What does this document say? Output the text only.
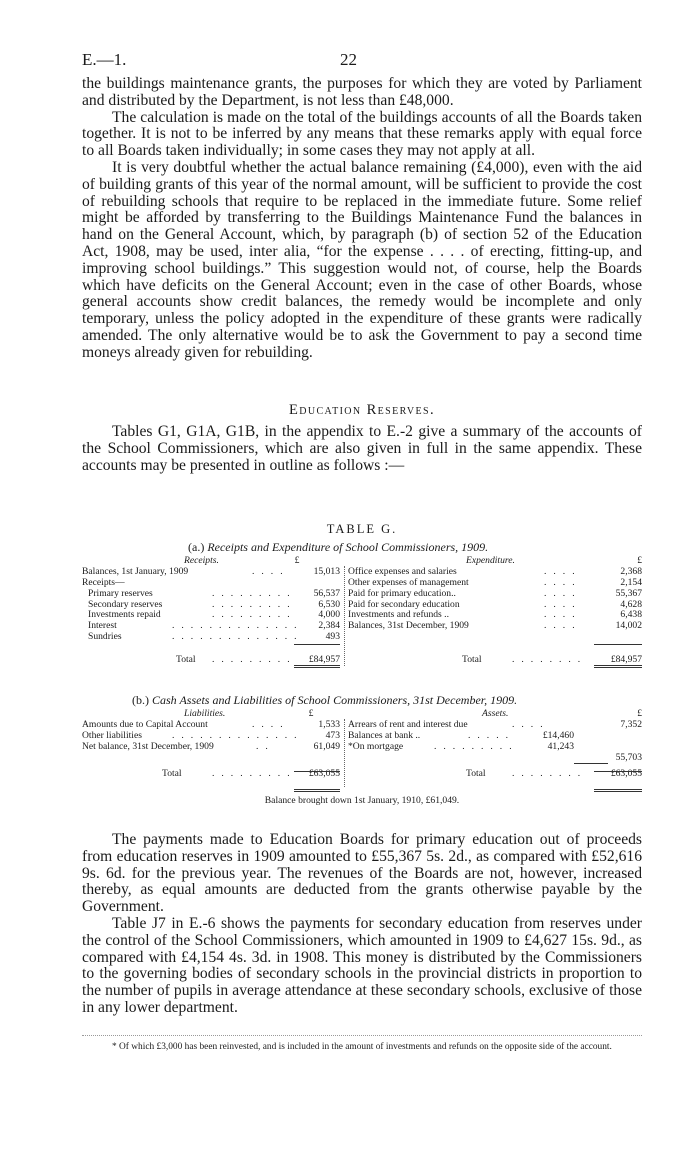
E.—1.	22

the buildings maintenance grants, the purposes for which they are voted by Parliament and distributed by the Department, is not less than £48,000.

The calculation is made on the total of the buildings accounts of all the Boards taken together. It is not to be inferred by any means that these remarks apply with equal force to all Boards taken individually; in some cases they may not apply at all.

It is very doubtful whether the actual balance remaining (£4,000), even with the aid of building grants of this year of the normal amount, will be sufficient to provide the cost of rebuilding schools that require to be replaced in the immediate future. Some relief might be afforded by transferring to the Buildings Maintenance Fund the balances in hand on the General Account, which, by paragraph (b) of section 52 of the Education Act, 1908, may be used, inter alia, “for the expense . . . . of erecting, fitting-up, and improving school buildings.” This suggestion would not, of course, help the Boards which have deficits on the General Account; even in the case of other Boards, whose general accounts show credit balances, the remedy would be incomplete and only temporary, unless the policy adopted in the expenditure of these grants were radically amended. The only alternative would be to ask the Government to pay a second time moneys already given for rebuilding.

Education Reserves.

Tables G1, G1A, G1B, in the appendix to E.-2 give a summary of the accounts of the School Commissioners, which are also given in full in the same appendix. These accounts may be presented in outline as follows :—

TABLE G.
(a.) Receipts and Expenditure of School Commissioners, 1909.
Receipts.	£
Balances, 1st January, 1909	....	15,013
Receipts—
Primary reserves	.........	56,537
Secondary reserves	.........	6,530
Investments repaid	.........	4,000
Interest	..............	2,384
Sundries	..............	493
Total .........	£84,957
Expenditure.	£
Office expenses and salaries	....	2,368
Other expenses of management	....	2,154
Paid for primary education..	....	55,367
Paid for secondary education	....	4,628
Investments and refunds ..	....	6,438
Balances, 31st December, 1909	....	14,002
Total	........	£84,957
(b.) Cash Assets and Liabilities of School Commissioners, 31st December, 1909.
Liabilities.	£
Amounts due to Capital Account	....	1,533
Other liabilities	..............	473
Net balance, 31st December, 1909	..	61,049
Total	.........	£63,055
Assets.	£
Arrears of rent and interest due	....	7,352
Balances at bank ..	.....	£14,460
*On mortgage	.........	41,243
55,703
Total	........	£63,055
Balance brought down 1st January, 1910, £61,049.

The payments made to Education Boards for primary education out of proceeds from education reserves in 1909 amounted to £55,367 5s. 2d., as compared with £52,616 9s. 6d. for the previous year. The revenues of the Boards are not, however, increased thereby, as equal amounts are deducted from the grants otherwise payable by the Government.

Table J7 in E.-6 shows the payments for secondary education from reserves under the control of the School Commissioners, which amounted in 1909 to £4,627 15s. 9d., as compared with £4,154 4s. 3d. in 1908. This money is distributed by the Commissioners to the governing bodies of secondary schools in the provincial districts in proportion to the number of pupils in average attendance at these secondary schools, exclusive of those in any lower department.

* Of which £3,000 has been reinvested, and is included in the amount of investments and refunds on the opposite side of the account.
